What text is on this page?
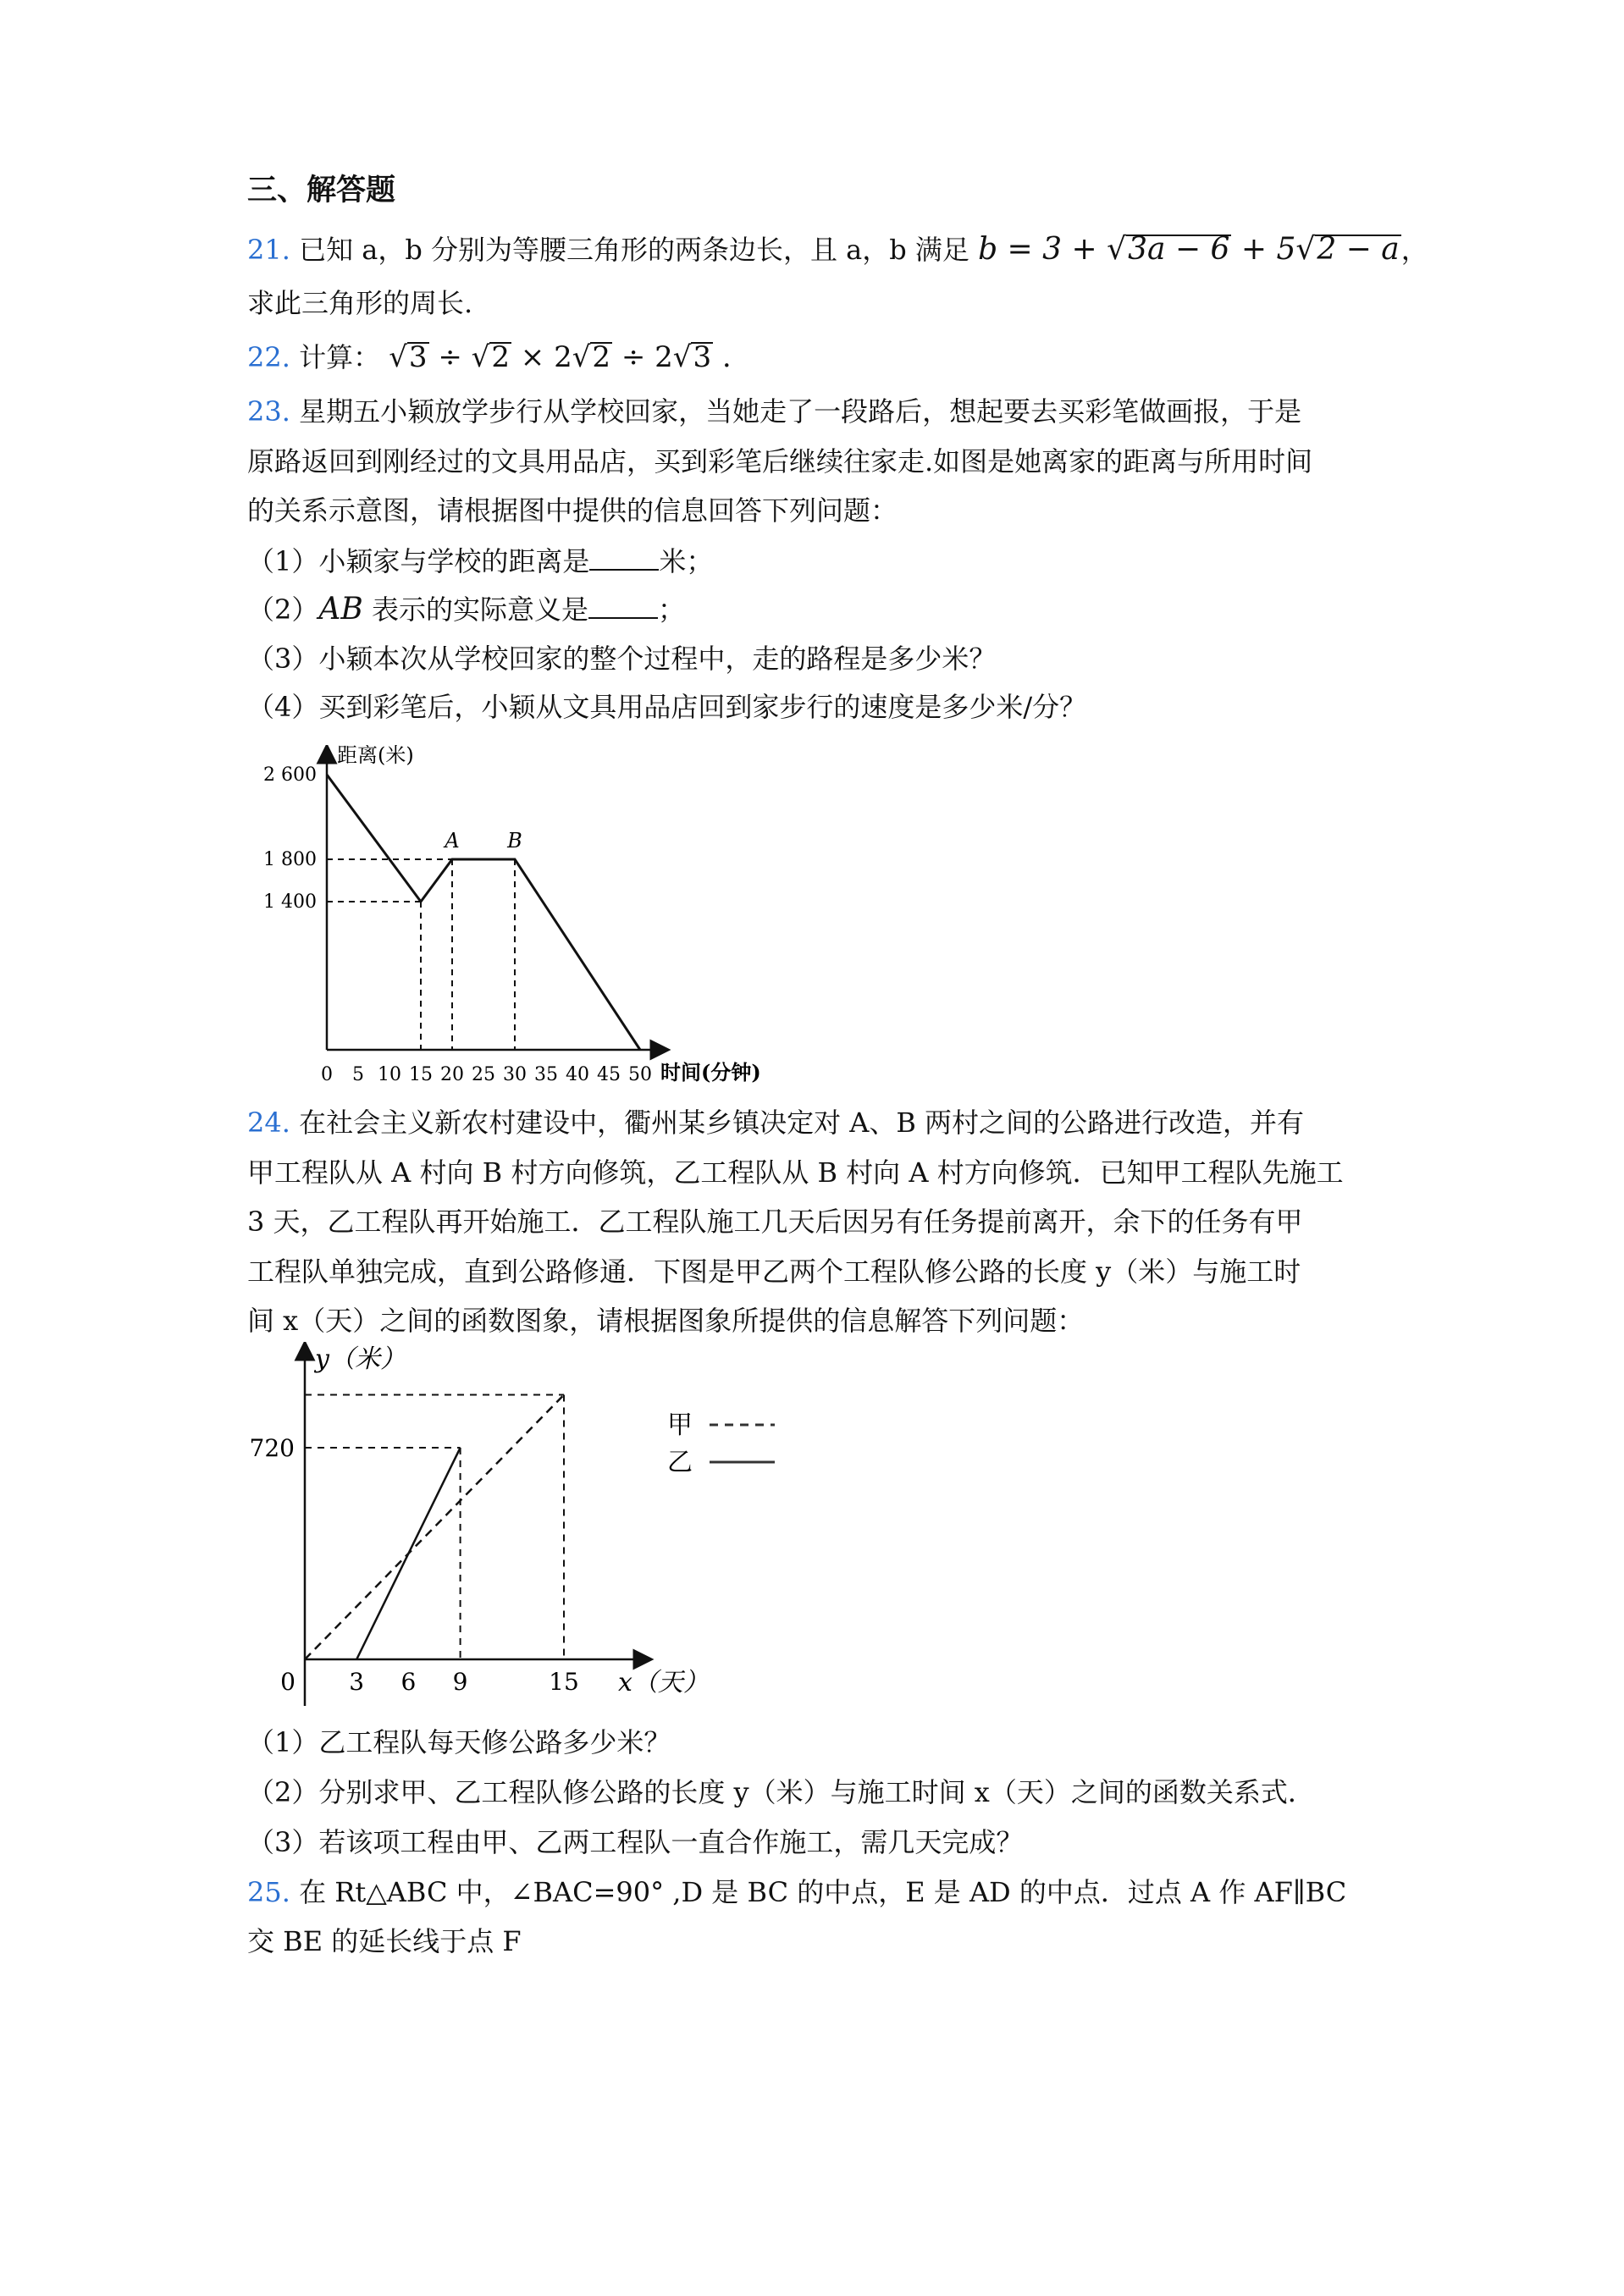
三、解答题
21. 已知 a，b 分别为等腰三角形的两条边长，且 a，b 满足 b = 3 + √3a − 6 + 5√2 − a，
求此三角形的周长.
22. 计算： √3 ÷ √2 × 2√2 ÷ 2√3 .
23. 星期五小颖放学步行从学校回家，当她走了一段路后，想起要去买彩笔做画报，于是
原路返回到刚经过的文具用品店，买到彩笔后继续往家走.如图是她离家的距离与所用时间
的关系示意图，请根据图中提供的信息回答下列问题：
（1）小颖家与学校的距离是	米；
（2）AB 表示的实际意义是	；
（3）小颖本次从学校回家的整个过程中，走的路程是多少米？
（4）买到彩笔后，小颖从文具用品店回到家步行的速度是多少米/分？
距离(米)
时间(分钟)
0 5 10 15 20 25 30 35 40 45 50
2 600
1 800
1 400
A B
24. 在社会主义新农村建设中，衢州某乡镇决定对 A、B 两村之间的公路进行改造，并有
甲工程队从 A 村向 B 村方向修筑，乙工程队从 B 村向 A 村方向修筑．已知甲工程队先施工
3 天，乙工程队再开始施工．乙工程队施工几天后因另有任务提前离开，余下的任务有甲
工程队单独完成，直到公路修通．下图是甲乙两个工程队修公路的长度 y（米）与施工时
间 x（天）之间的函数图象，请根据图象所提供的信息解答下列问题：
y（米）
x（天）
0 3 6 9	15
720
甲
乙
（1）乙工程队每天修公路多少米？
（2）分别求甲、乙工程队修公路的长度 y（米）与施工时间 x（天）之间的函数关系式．
（3）若该项工程由甲、乙两工程队一直合作施工，需几天完成？
25. 在 Rt△ABC 中，∠BAC=90° ,D 是 BC 的中点，E 是 AD 的中点．过点 A 作 AF∥BC
交 BE 的延长线于点 F
